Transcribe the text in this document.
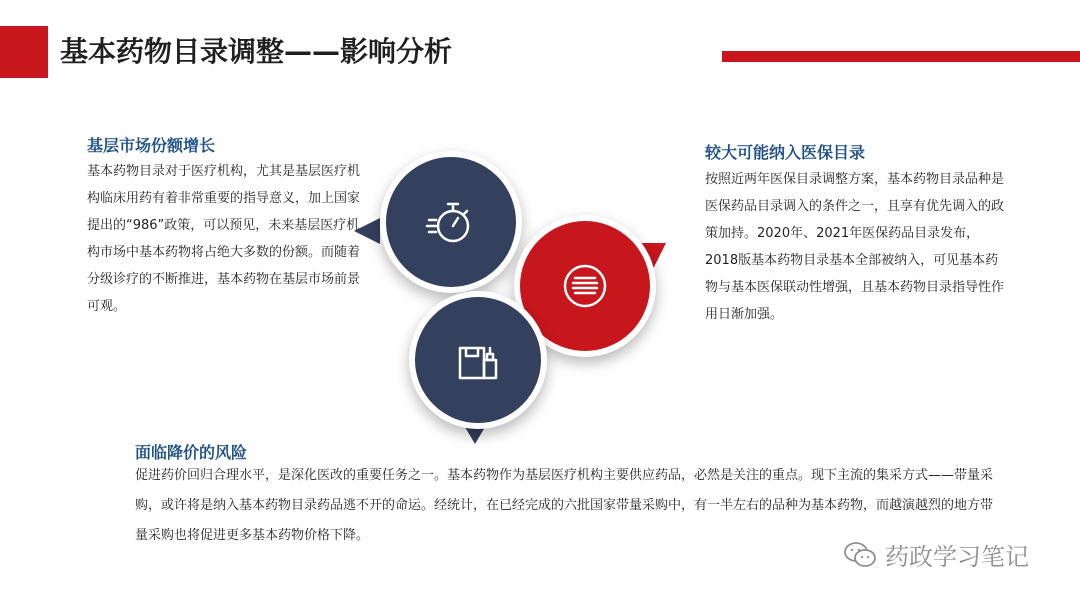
基本药物目录调整——影响分析
基层市场份额增长

基本药物目录对于医疗机构，尤其是基层医疗机构临床用药有着非常重要的指导意义，加上国家提出的“986”政策，可以预见，未来基层医疗机构市场中基本药物将占绝大多数的份额。而随着分级诊疗的不断推进，基本药物在基层市场前景可观。

较大可能纳入医保目录

按照近两年医保目录调整方案，基本药物目录品种是医保药品目录调入的条件之一，且享有优先调入的政策加持。2020年、2021年医保药品目录发布，2018版基本药物目录基本全部被纳入，可见基本药物与基本医保联动性增强，且基本药物目录指导性作用日渐加强。

面临降价的风险

促进药价回归合理水平，是深化医改的重要任务之一。基本药物作为基层医疗机构主要供应药品，必然是关注的重点。现下主流的集采方式——带量采购，或许将是纳入基本药物目录药品逃不开的命运。经统计，在已经完成的六批国家带量采购中，有一半左右的品种为基本药物，而越演越烈的地方带量采购也将促进更多基本药物价格下降。

药政学习笔记
